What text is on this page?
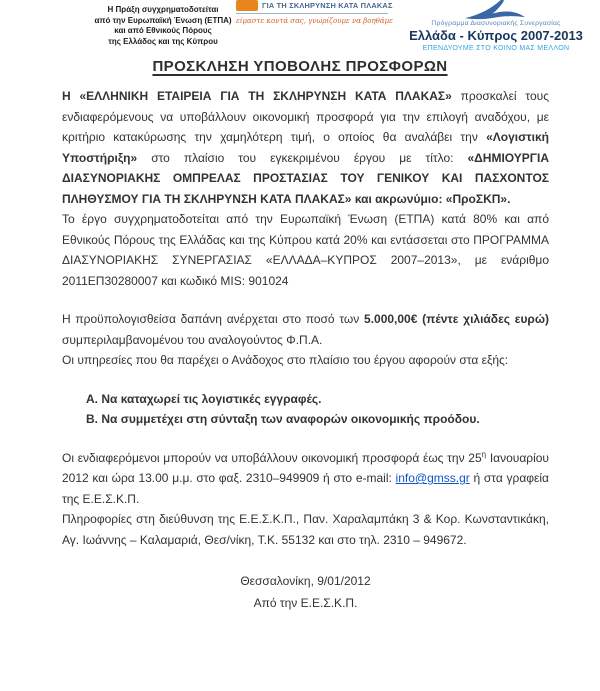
Η Πράξη συγχρηματοδοτείται
από την Ευρωπαϊκή Ένωση (ΕΤΠΑ)
και από Εθνικούς Πόρους
της Ελλάδος και της Κύπρου
ΓΙΑ ΤΗ ΣΚΛΗΡΥΝΣΗ ΚΑΤΑ ΠΛΑΚΑΣ
είμαστε κοντά σας, γνωρίζουμε να βοηθάμε	Πρόγραμμα Διασυνοριακής Συνεργασίας
Ελλάδα - Κύπρος 2007-2013
ΕΠΕΝΔΥΟΥΜΕ ΣΤΟ ΚΟΙΝΟ ΜΑΣ ΜΕΛΛΟΝ
ΠΡΟΣΚΛΗΣΗ ΥΠΟΒΟΛΗΣ ΠΡΟΣΦΟΡΩΝ

Η «ΕΛΛΗΝΙΚΗ ΕΤΑΙΡΕΙΑ ΓΙΑ ΤΗ ΣΚΛΗΡΥΝΣΗ ΚΑΤΑ ΠΛΑΚΑΣ» προσκαλεί τους ενδιαφερόμενους να υποβάλλουν οικονομική προσφορά για την επιλογή αναδόχου, με κριτήριο κατακύρωσης την χαμηλότερη τιμή, ο οποίος θα αναλάβει την «Λογιστική Υποστήριξη» στο πλαίσιο του εγκεκριμένου έργου με τίτλο: «ΔΗΜΙΟΥΡΓΙΑ ΔΙΑΣΥΝΟΡΙΑΚΗΣ ΟΜΠΡΕΛΑΣ ΠΡΟΣΤΑΣΙΑΣ ΤΟΥ ΓΕΝΙΚΟΥ ΚΑΙ ΠΑΣΧΟΝΤΟΣ ΠΛΗΘΥΣΜΟΥ ΓΙΑ ΤΗ ΣΚΛΗΡΥΝΣΗ ΚΑΤΑ ΠΛΑΚΑΣ» και ακρωνύμιο: «ΠροΣΚΠ».

Το έργο συγχρηματοδοτείται από την Ευρωπαϊκή Ένωση (ΕΤΠΑ) κατά 80% και από Εθνικούς Πόρους της Ελλάδας και της Κύπρου κατά 20% και εντάσσεται στο ΠΡΟΓΡΑΜΜΑ ΔΙΑΣΥΝΟΡΙΑΚΗΣ ΣΥΝΕΡΓΑΣΙΑΣ «ΕΛΛΑΔΑ–ΚΥΠΡΟΣ 2007–2013», με ενάριθμο 2011ΕΠ30280007 και κωδικό MIS: 901024

Η προϋπολογισθείσα δαπάνη ανέρχεται στο ποσό των 5.000,00€ (πέντε χιλιάδες ευρώ) συμπεριλαμβανομένου του αναλογούντος Φ.Π.Α.

Οι υπηρεσίες που θα παρέχει ο Ανάδοχος στο πλαίσιο του έργου αφορούν στα εξής:

Α. Να καταχωρεί τις λογιστικές εγγραφές.
Β. Να συμμετέχει στη σύνταξη των αναφορών οικονομικής προόδου.

Οι ενδιαφερόμενοι μπορούν να υποβάλλουν οικονομική προσφορά έως την $25^\eta$ Ιανουαρίου 2012 και ώρα 13.00 μ.μ. στο φαξ. 2310–949909 ή στο e-mail: info@gmss.gr ή στα γραφεία της Ε.Ε.Σ.Κ.Π.

Πληροφορίες στη διεύθυνση της Ε.Ε.Σ.Κ.Π., Παν. Χαραλαμπάκη 3 & Κορ. Κωνσταντικάκη, Αγ. Ιωάννης – Καλαμαριά, Θεσ/νίκη, Τ.Κ. 55132 και στο τηλ. 2310 – 949672.

Θεσσαλονίκη, 9/01/2012
Από την Ε.Ε.Σ.Κ.Π.
